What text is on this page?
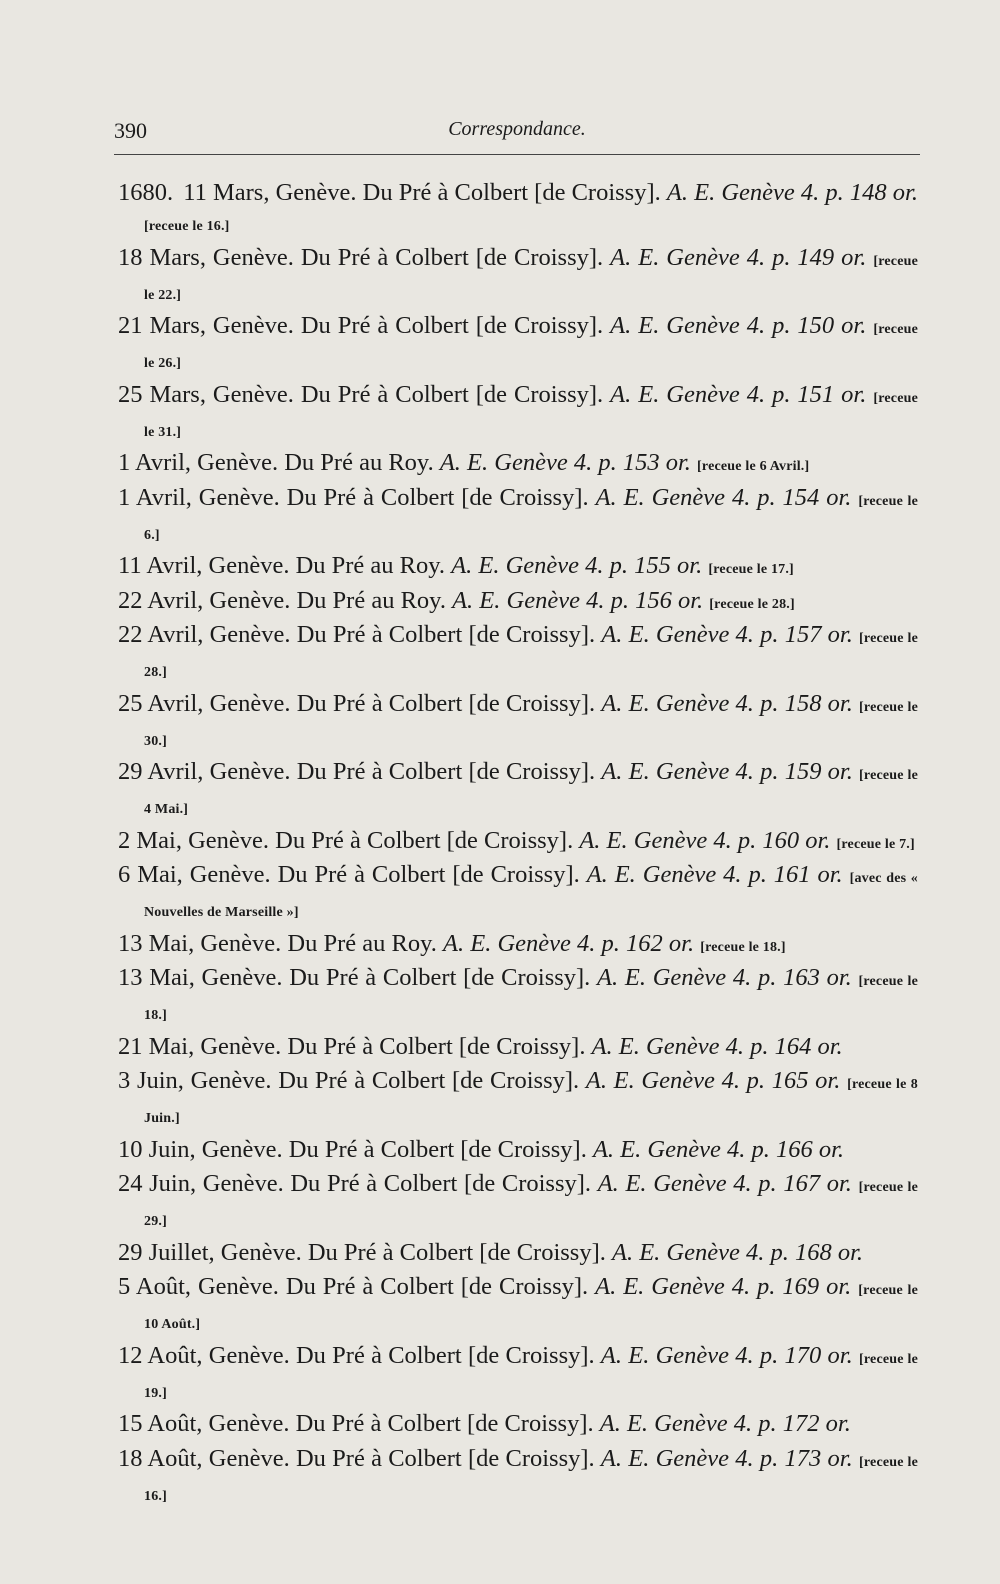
390	Correspondance.
1680. 11 Mars, Genève. Du Pré à Colbert [de Croissy]. A. E. Genève 4. p. 148 or. [receue le 16.]
18 Mars, Genève. Du Pré à Colbert [de Croissy]. A. E. Genève 4. p. 149 or. [receue le 22.]
21 Mars, Genève. Du Pré à Colbert [de Croissy]. A. E. Genève 4. p. 150 or. [receue le 26.]
25 Mars, Genève. Du Pré à Colbert [de Croissy]. A. E. Genève 4. p. 151 or. [receue le 31.]
1 Avril, Genève. Du Pré au Roy. A. E. Genève 4. p. 153 or. [receue le 6 Avril.]
1 Avril, Genève. Du Pré à Colbert [de Croissy]. A. E. Genève 4. p. 154 or. [receue le 6.]
11 Avril, Genève. Du Pré au Roy. A. E. Genève 4. p. 155 or. [receue le 17.]
22 Avril, Genève. Du Pré au Roy. A. E. Genève 4. p. 156 or. [receue le 28.]
22 Avril, Genève. Du Pré à Colbert [de Croissy]. A. E. Genève 4. p. 157 or. [receue le 28.]
25 Avril, Genève. Du Pré à Colbert [de Croissy]. A. E. Genève 4. p. 158 or. [receue le 30.]
29 Avril, Genève. Du Pré à Colbert [de Croissy]. A. E. Genève 4. p. 159 or. [receue le 4 Mai.]
2 Mai, Genève. Du Pré à Colbert [de Croissy]. A. E. Genève 4. p. 160 or. [receue le 7.]
6 Mai, Genève. Du Pré à Colbert [de Croissy]. A. E. Genève 4. p. 161 or. [avec des « Nouvelles de Marseille »]
13 Mai, Genève. Du Pré au Roy. A. E. Genève 4. p. 162 or. [receue le 18.]
13 Mai, Genève. Du Pré à Colbert [de Croissy]. A. E. Genève 4. p. 163 or. [receue le 18.]
21 Mai, Genève. Du Pré à Colbert [de Croissy]. A. E. Genève 4. p. 164 or.
3 Juin, Genève. Du Pré à Colbert [de Croissy]. A. E. Genève 4. p. 165 or. [receue le 8 Juin.]
10 Juin, Genève. Du Pré à Colbert [de Croissy]. A. E. Genève 4. p. 166 or.
24 Juin, Genève. Du Pré à Colbert [de Croissy]. A. E. Genève 4. p. 167 or. [receue le 29.]
29 Juillet, Genève. Du Pré à Colbert [de Croissy]. A. E. Genève 4. p. 168 or.
5 Août, Genève. Du Pré à Colbert [de Croissy]. A. E. Genève 4. p. 169 or. [receue le 10 Août.]
12 Août, Genève. Du Pré à Colbert [de Croissy]. A. E. Genève 4. p. 170 or. [receue le 19.]
15 Août, Genève. Du Pré à Colbert [de Croissy]. A. E. Genève 4. p. 172 or.
18 Août, Genève. Du Pré à Colbert [de Croissy]. A. E. Genève 4. p. 173 or. [receue le 16.]
